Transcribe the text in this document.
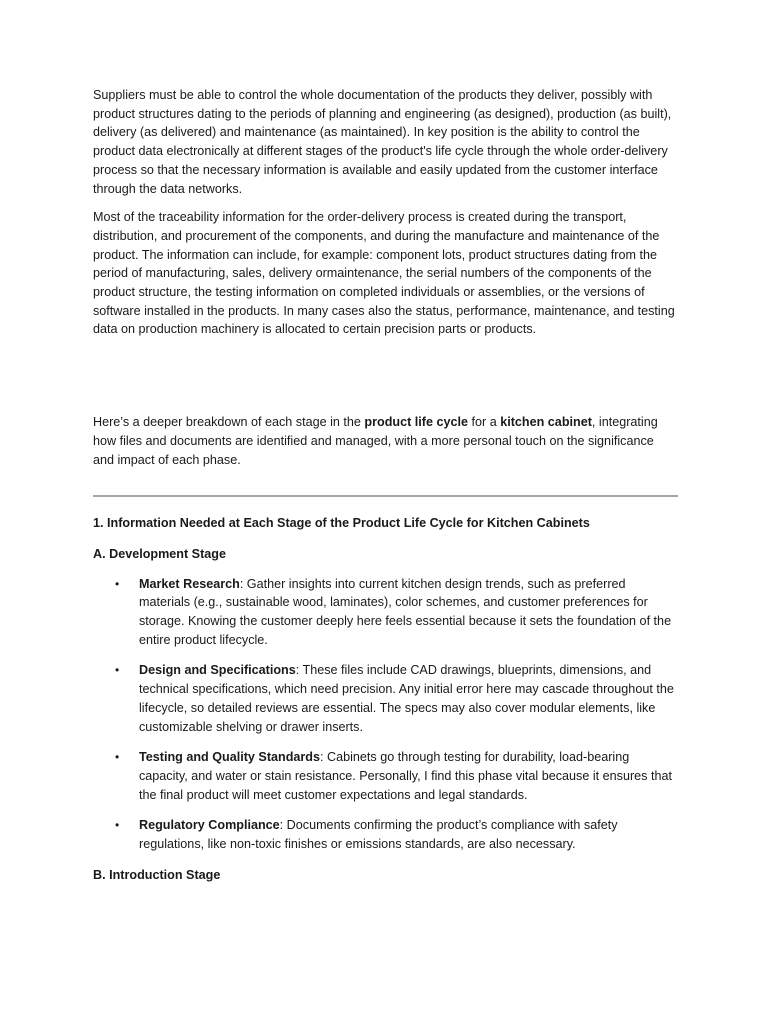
Suppliers must be able to control the whole documentation of the products they deliver, possibly with product structures dating to the periods of planning and engineering (as designed), production (as built), delivery (as delivered) and maintenance (as maintained). In key position is the ability to control the product data electronically at different stages of the product's life cycle through the whole order-delivery process so that the necessary information is available and easily updated from the customer interface through the data networks.

Most of the traceability information for the order-delivery process is created during the transport, distribution, and procurement of the components, and during the manufacture and maintenance of the product. The information can include, for example: component lots, product structures dating from the period of manufacturing, sales, delivery ormaintenance, the serial numbers of the components of the product structure, the testing information on completed individuals or assemblies, or the versions of software installed in the products. In many cases also the status, performance, maintenance, and testing data on production machinery is allocated to certain precision parts or products.

Here’s a deeper breakdown of each stage in the product life cycle for a kitchen cabinet, integrating how files and documents are identified and managed, with a more personal touch on the significance and impact of each phase.

1. Information Needed at Each Stage of the Product Life Cycle for Kitchen Cabinets

A. Development Stage

• Market Research: Gather insights into current kitchen design trends, such as preferred materials (e.g., sustainable wood, laminates), color schemes, and customer preferences for storage. Knowing the customer deeply here feels essential because it sets the foundation of the entire product lifecycle.
• Design and Specifications: These files include CAD drawings, blueprints, dimensions, and technical specifications, which need precision. Any initial error here may cascade throughout the lifecycle, so detailed reviews are essential. The specs may also cover modular elements, like customizable shelving or drawer inserts.
• Testing and Quality Standards: Cabinets go through testing for durability, load-bearing capacity, and water or stain resistance. Personally, I find this phase vital because it ensures that the final product will meet customer expectations and legal standards.
• Regulatory Compliance: Documents confirming the product’s compliance with safety regulations, like non-toxic finishes or emissions standards, are also necessary.

B. Introduction Stage
